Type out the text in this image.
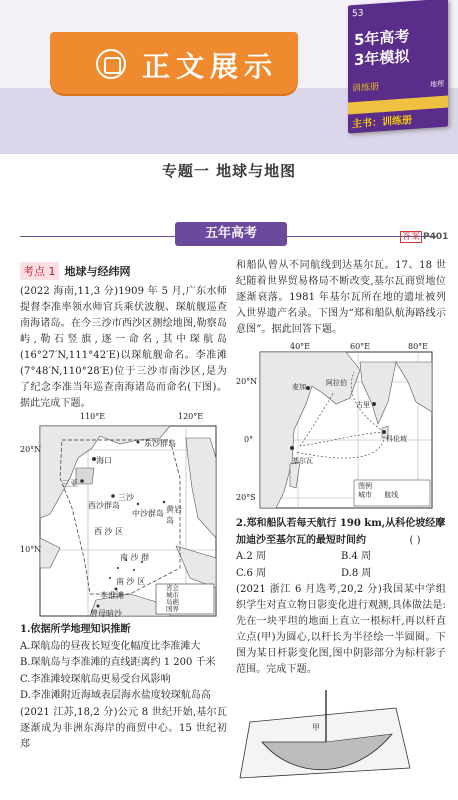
正文展示
︾
53
5年高考
3年模拟
训练册	地理
主书：训练册
专题一 地球与地图
五年高考	答案 P401
考点 1 地球与经纬网
(2022 海南,11,3 分)1909 年 5 月,广东水师提督李准率领水师官兵乘伏波舰、琛航舰巡查南海诸岛。在今三沙市西沙区测绘地图,勒察岛屿,勒石竖旗,逐一命名,其中琛航岛(16°27′N,111°42′E)以琛航舰命名。李准滩(7°48′N,110°28′E)位于三沙市南沙区,是为了纪念李准当年巡查南海诸岛而命名(下图)。据此完成下题。
110°E	120°E
20°N
10°N
东沙群岛
海口
三亚
西沙群岛
三沙
中沙群岛 黄岩岛
西 沙 区
南 沙 群
南 沙 区
李准滩
曾母暗沙
省会
城市
岛礁
国界
1.依据所学地理知识推断
A.琛航岛的昼夜长短变化幅度比李准滩大
B.琛航岛与李准滩的直线距离约 1 200 千米
C.李准滩较琛航岛更易受台风影响
D.李准滩附近海域表层海水盐度较琛航岛高
(2021 江苏,18,2 分)公元 8 世纪开始,基尔瓦逐渐成为非洲东海岸的商贸中心。15 世纪初郑
和船队曾从不同航线到达基尔瓦。17、18 世纪随着世界贸易格局不断改变,基尔瓦商贸地位逐渐衰落。1981 年基尔瓦所在地的遗址被列入世界遗产名录。下图为“郑和船队航海路线示意图”。据此回答下题。
40°E	60°E	80°E
20°N
0°
20°S
阿拉伯
古里
科伦坡
基尔瓦
麦加
图例
城市 航线
2.郑和船队若每天航行 190 km,从科伦坡经摩加迪沙至基尔瓦的最短时间约	( )
A.2 周	B.4 周
C.6 周	D.8 周
(2021 浙江 6 月选考,20,2 分)我国某中学组织学生对直立物日影变化进行观测,具体做法是:先在一块平坦的地面上直立一根标杆,再以杆直立点(甲)为圆心,以杆长为半径绘一半圆圈。下图为某日杆影变化图,图中阴影部分为标杆影子范围。完成下题。
甲
